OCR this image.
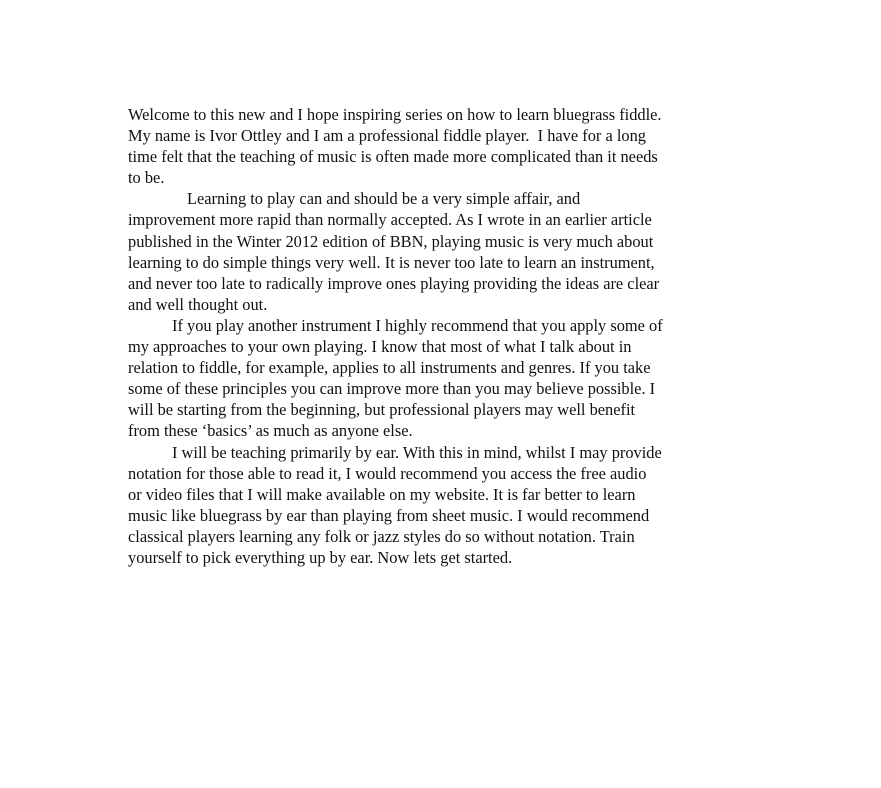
Welcome to this new and I hope inspiring series on how to learn bluegrass fiddle.
My name is Ivor Ottley and I am a professional fiddle player.  I have for a long
time felt that the teaching of music is often made more complicated than it needs
to be.
Learning to play can and should be a very simple affair, and
improvement more rapid than normally accepted. As I wrote in an earlier article
published in the Winter 2012 edition of BBN, playing music is very much about
learning to do simple things very well. It is never too late to learn an instrument,
and never too late to radically improve ones playing providing the ideas are clear
and well thought out.
If you play another instrument I highly recommend that you apply some of
my approaches to your own playing. I know that most of what I talk about in
relation to fiddle, for example, applies to all instruments and genres. If you take
some of these principles you can improve more than you may believe possible. I
will be starting from the beginning, but professional players may well benefit
from these ‘basics’ as much as anyone else.
I will be teaching primarily by ear. With this in mind, whilst I may provide
notation for those able to read it, I would recommend you access the free audio
or video files that I will make available on my website. It is far better to learn
music like bluegrass by ear than playing from sheet music. I would recommend
classical players learning any folk or jazz styles do so without notation. Train
yourself to pick everything up by ear. Now lets get started.
